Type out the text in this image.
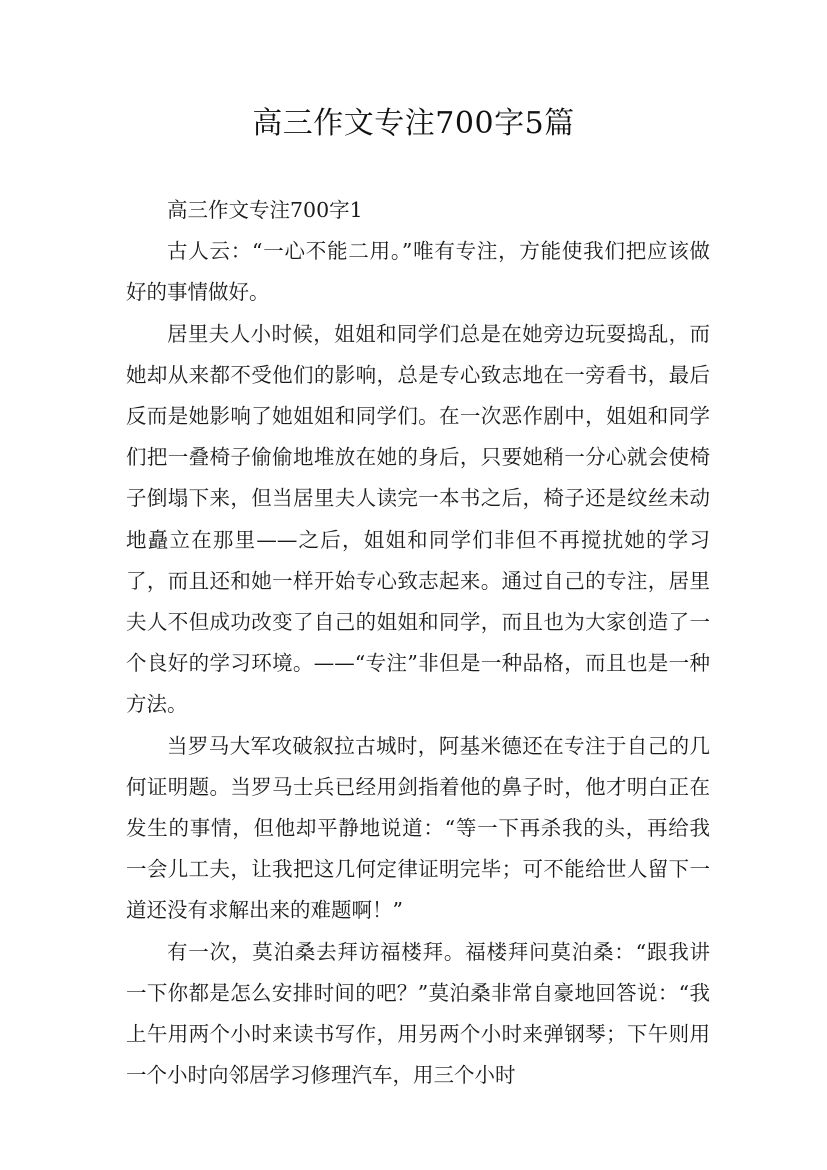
高三作文专注700字5篇

高三作文专注700字1

古人云：“一心不能二用。”唯有专注，方能使我们把应该做好的事情做好。

居里夫人小时候，姐姐和同学们总是在她旁边玩耍捣乱，而她却从来都不受他们的影响，总是专心致志地在一旁看书，最后反而是她影响了她姐姐和同学们。在一次恶作剧中，姐姐和同学们把一叠椅子偷偷地堆放在她的身后，只要她稍一分心就会使椅子倒塌下来，但当居里夫人读完一本书之后，椅子还是纹丝未动地矗立在那里——之后，姐姐和同学们非但不再搅扰她的学习了，而且还和她一样开始专心致志起来。通过自己的专注，居里夫人不但成功改变了自己的姐姐和同学，而且也为大家创造了一个良好的学习环境。——“专注”非但是一种品格，而且也是一种方法。

当罗马大军攻破叙拉古城时，阿基米德还在专注于自己的几何证明题。当罗马士兵已经用剑指着他的鼻子时，他才明白正在发生的事情，但他却平静地说道：“等一下再杀我的头，再给我一会儿工夫，让我把这几何定律证明完毕；可不能给世人留下一道还没有求解出来的难题啊！”

有一次，莫泊桑去拜访福楼拜。福楼拜问莫泊桑：“跟我讲一下你都是怎么安排时间的吧？”莫泊桑非常自豪地回答说：“我上午用两个小时来读书写作，用另两个小时来弹钢琴；下午则用一个小时向邻居学习修理汽车，用三个小时
